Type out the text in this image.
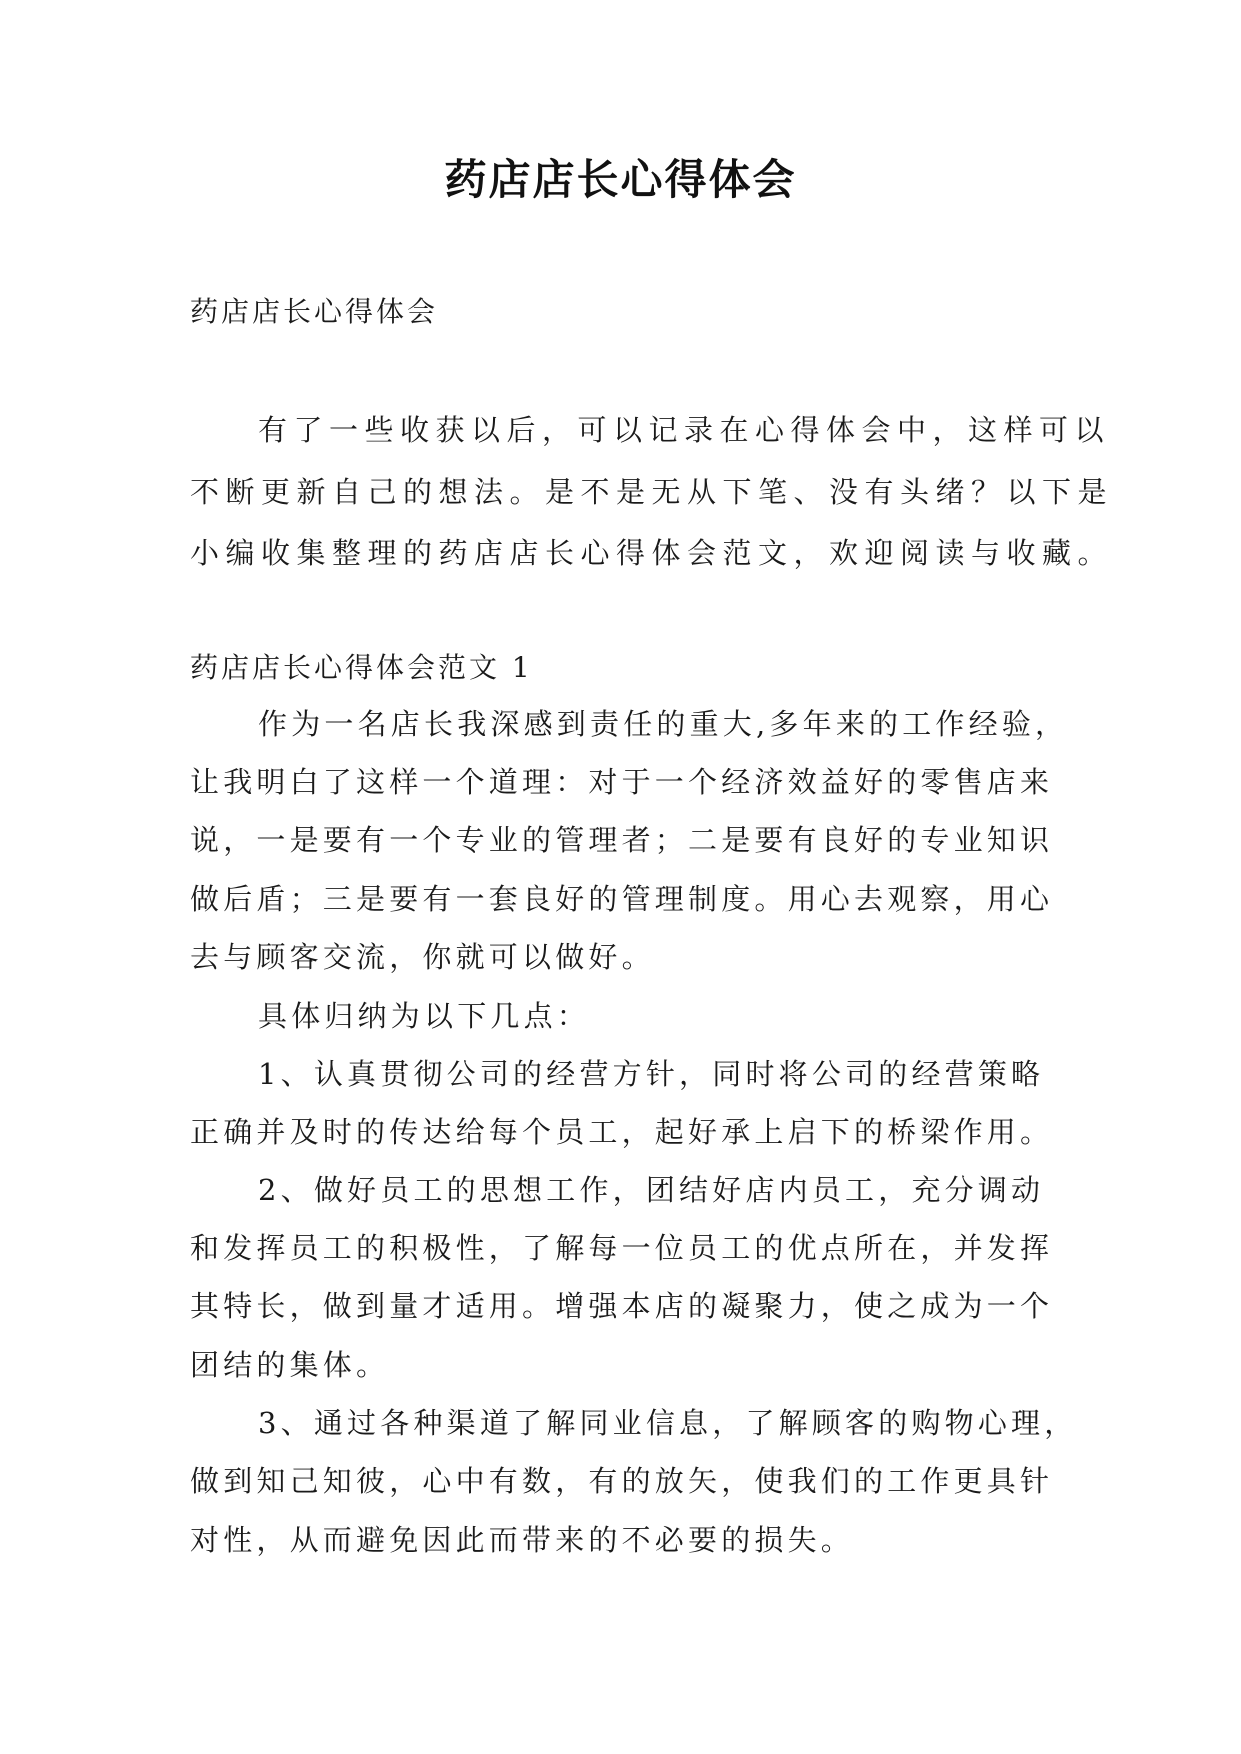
药店店长心得体会
药店店长心得体会
有了一些收获以后，可以记录在心得体会中，这样可以
不断更新自己的想法。是不是无从下笔、没有头绪？以下是
小编收集整理的药店店长心得体会范文，欢迎阅读与收藏。
药店店长心得体会范文 1
作为一名店长我深感到责任的重大,多年来的工作经验，
让我明白了这样一个道理：对于一个经济效益好的零售店来
说，一是要有一个专业的管理者；二是要有良好的专业知识
做后盾；三是要有一套良好的管理制度。用心去观察，用心
去与顾客交流，你就可以做好。
具体归纳为以下几点：
1、认真贯彻公司的经营方针，同时将公司的经营策略
正确并及时的传达给每个员工，起好承上启下的桥梁作用。
2、做好员工的思想工作，团结好店内员工，充分调动
和发挥员工的积极性，了解每一位员工的优点所在，并发挥
其特长，做到量才适用。增强本店的凝聚力，使之成为一个
团结的集体。
3、通过各种渠道了解同业信息，了解顾客的购物心理，
做到知己知彼，心中有数，有的放矢，使我们的工作更具针
对性，从而避免因此而带来的不必要的损失。
